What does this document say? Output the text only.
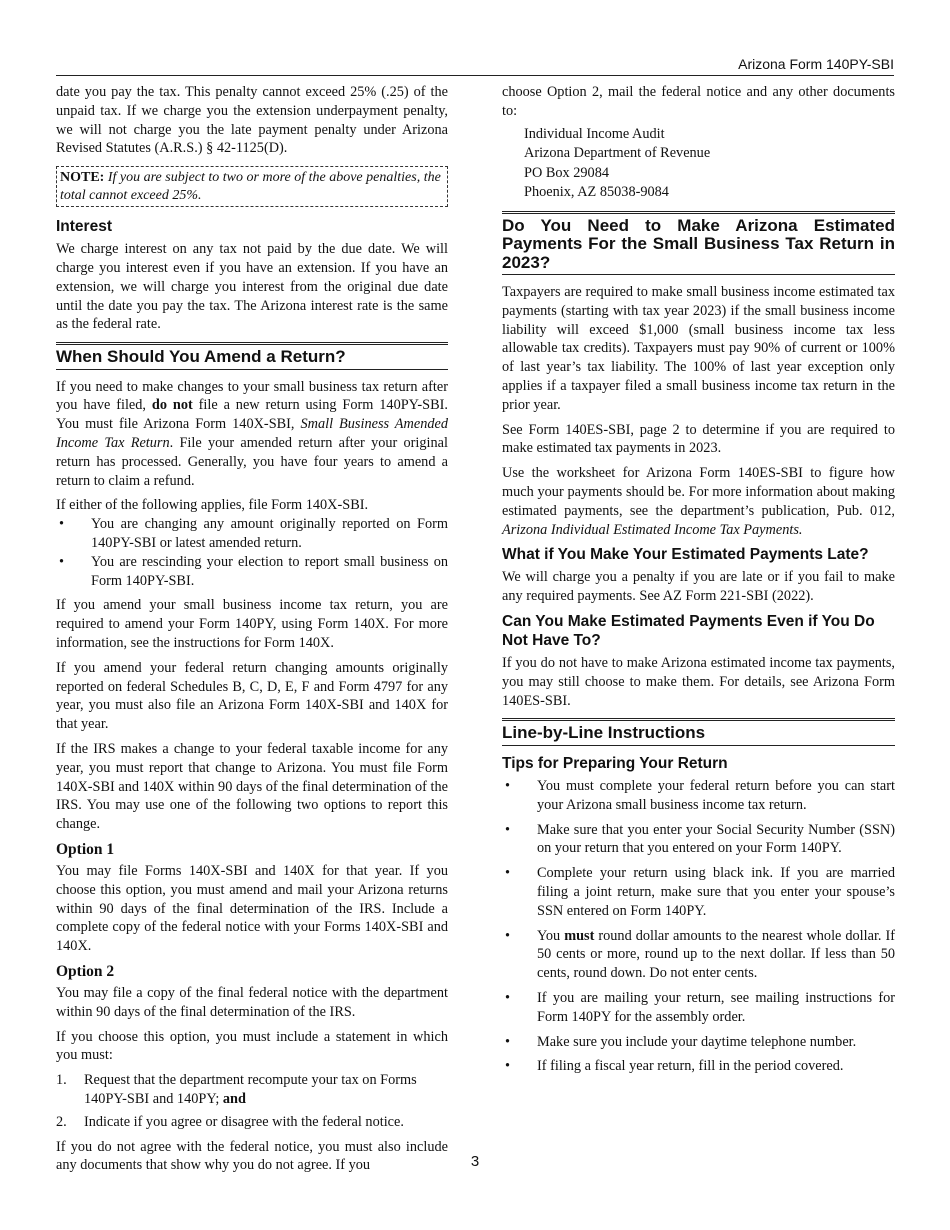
Arizona Form 140PY-SBI

date you pay the tax. This penalty cannot exceed 25% (.25) of the unpaid tax. If we charge you the extension underpayment penalty, we will not charge you the late payment penalty under Arizona Revised Statutes (A.R.S.) § 42-1125(D).

NOTE: If you are subject to two or more of the above penalties, the total cannot exceed 25%.
Interest

We charge interest on any tax not paid by the due date. We will charge you interest even if you have an extension. If you have an extension, we will charge you interest from the original due date until the date you pay the tax. The Arizona interest rate is the same as the federal rate.

When Should You Amend a Return?

If you need to make changes to your small business tax return after you have filed, do not file a new return using Form 140PY-SBI. You must file Arizona Form 140X-SBI, Small Business Amended Income Tax Return. File your amended return after your original return has processed. Generally, you have four years to amend a return to claim a refund.

If either of the following applies, file Form 140X-SBI.

• You are changing any amount originally reported on Form 140PY-SBI or latest amended return.
• You are rescinding your election to report small business on Form 140PY-SBI.

If you amend your small business income tax return, you are required to amend your Form 140PY, using Form 140X. For more information, see the instructions for Form 140X.

If you amend your federal return changing amounts originally reported on federal Schedules B, C, D, E, F and Form 4797 for any year, you must also file an Arizona Form 140X-SBI and 140X for that year.

If the IRS makes a change to your federal taxable income for any year, you must report that change to Arizona. You must file Form 140X-SBI and 140X within 90 days of the final determination of the IRS. You may use one of the following two options to report this change.

Option 1

You may file Forms 140X-SBI and 140X for that year. If you choose this option, you must amend and mail your Arizona returns within 90 days of the final determination of the IRS. Include a complete copy of the federal notice with your Forms 140X-SBI and 140X.

Option 2

You may file a copy of the final federal notice with the department within 90 days of the final determination of the IRS.

If you choose this option, you must include a statement in which you must:

1. Request that the department recompute your tax on Forms 140PY-SBI and 140PY; and
2. Indicate if you agree or disagree with the federal notice.

If you do not agree with the federal notice, you must also include any documents that show why you do not agree. If you

choose Option 2, mail the federal notice and any other documents to:

Individual Income Audit
Arizona Department of Revenue
PO Box 29084
Phoenix, AZ 85038-9084
Do You Need to Make Arizona Estimated Payments For the Small Business Tax Return in 2023?

Taxpayers are required to make small business income estimated tax payments (starting with tax year 2023) if the small business income liability will exceed $1,000 (small business income tax less allowable tax credits). Taxpayers must pay 90% of current or 100% of last year’s tax liability. The 100% of last year exception only applies if a taxpayer filed a small business income tax return in the prior year.

See Form 140ES-SBI, page 2 to determine if you are required to make estimated tax payments in 2023.

Use the worksheet for Arizona Form 140ES-SBI to figure how much your payments should be. For more information about making estimated payments, see the department’s publication, Pub. 012, Arizona Individual Estimated Income Tax Payments.

What if You Make Your Estimated Payments Late?

We will charge you a penalty if you are late or if you fail to make any required payments. See AZ Form 221-SBI (2022).

Can You Make Estimated Payments Even if You Do Not Have To?

If you do not have to make Arizona estimated income tax payments, you may still choose to make them. For details, see Arizona Form 140ES-SBI.

Line-by-Line Instructions
Tips for Preparing Your Return
• You must complete your federal return before you can start your Arizona small business income tax return.
• Make sure that you enter your Social Security Number (SSN) on your return that you entered on your Form 140PY.
• Complete your return using black ink. If you are married filing a joint return, make sure that you enter your spouse’s SSN entered on Form 140PY.
• You must round dollar amounts to the nearest whole dollar. If 50 cents or more, round up to the next dollar. If less than 50 cents, round down. Do not enter cents.
• If you are mailing your return, see mailing instructions for Form 140PY for the assembly order.
• Make sure you include your daytime telephone number.
• If filing a fiscal year return, fill in the period covered.
3
